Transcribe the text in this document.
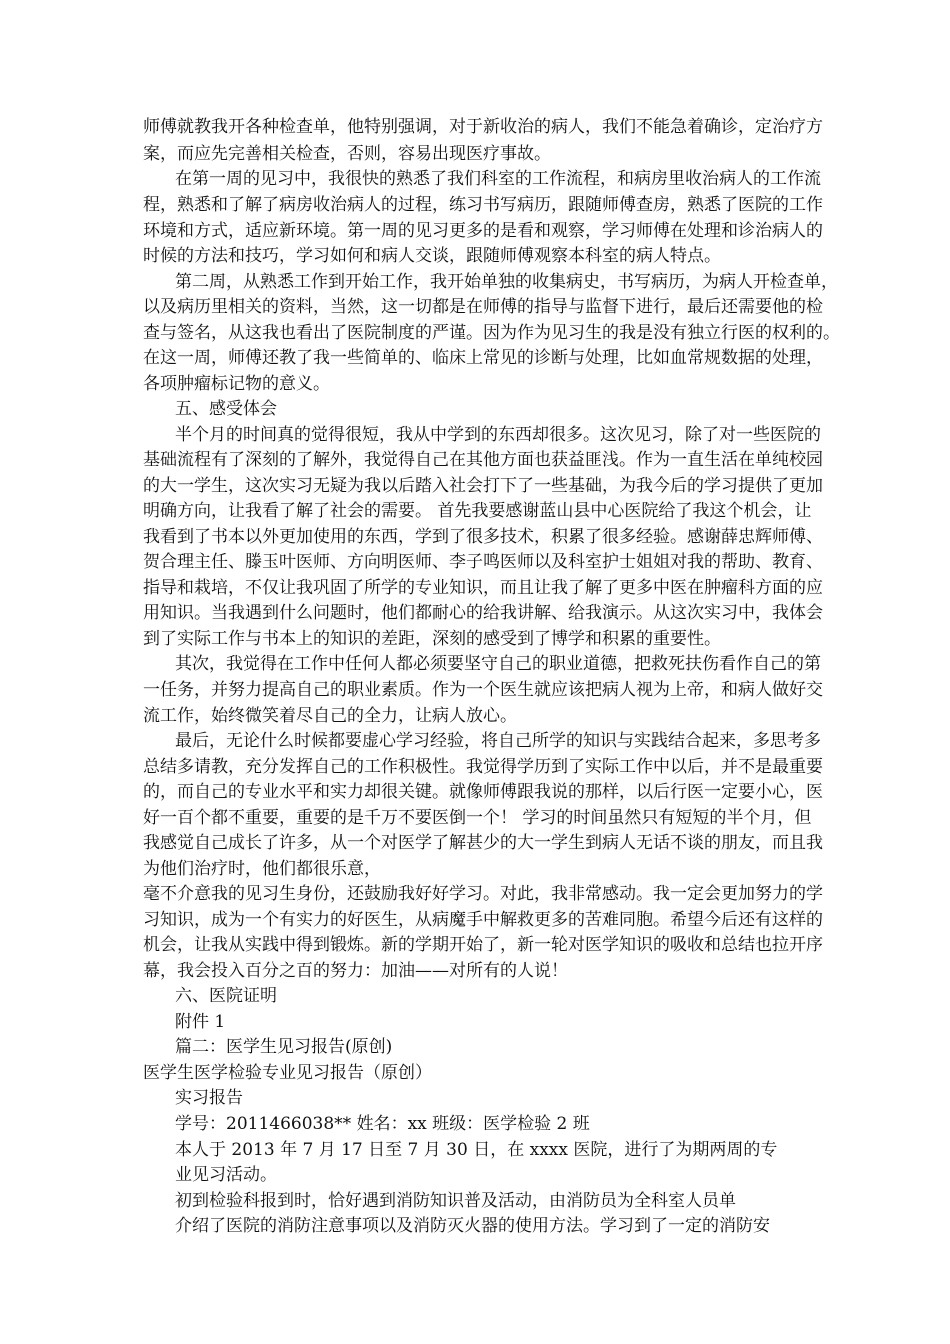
师傅就教我开各种检查单，他特别强调，对于新收治的病人，我们不能急着确诊，定治疗方
案，而应先完善相关检查，否则，容易出现医疗事故。
在第一周的见习中，我很快的熟悉了我们科室的工作流程，和病房里收治病人的工作流
程，熟悉和了解了病房收治病人的过程，练习书写病历，跟随师傅查房，熟悉了医院的工作
环境和方式，适应新环境。第一周的见习更多的是看和观察，学习师傅在处理和诊治病人的
时候的方法和技巧，学习如何和病人交谈，跟随师傅观察本科室的病人特点。
第二周，从熟悉工作到开始工作，我开始单独的收集病史，书写病历，为病人开检查单，
以及病历里相关的资料，当然，这一切都是在师傅的指导与监督下进行，最后还需要他的检
查与签名，从这我也看出了医院制度的严谨。因为作为见习生的我是没有独立行医的权利的。
在这一周，师傅还教了我一些简单的、临床上常见的诊断与处理，比如血常规数据的处理，
各项肿瘤标记物的意义。
五、感受体会
半个月的时间真的觉得很短，我从中学到的东西却很多。这次见习，除了对一些医院的
基础流程有了深刻的了解外，我觉得自己在其他方面也获益匪浅。作为一直生活在单纯校园
的大一学生，这次实习无疑为我以后踏入社会打下了一些基础，为我今后的学习提供了更加
明确方向，让我看了解了社会的需要。 首先我要感谢蓝山县中心医院给了我这个机会，让
我看到了书本以外更加使用的东西，学到了很多技术，积累了很多经验。感谢薛忠辉师傅、
贺合理主任、滕玉叶医师、方向明医师、李子鸣医师以及科室护士姐姐对我的帮助、教育、
指导和栽培，不仅让我巩固了所学的专业知识，而且让我了解了更多中医在肿瘤科方面的应
用知识。当我遇到什么问题时，他们都耐心的给我讲解、给我演示。从这次实习中，我体会
到了实际工作与书本上的知识的差距，深刻的感受到了博学和积累的重要性。
其次，我觉得在工作中任何人都必须要坚守自己的职业道德，把救死扶伤看作自己的第
一任务，并努力提高自己的职业素质。作为一个医生就应该把病人视为上帝，和病人做好交
流工作，始终微笑着尽自己的全力，让病人放心。
最后，无论什么时候都要虚心学习经验，将自己所学的知识与实践结合起来，多思考多
总结多请教，充分发挥自己的工作积极性。我觉得学历到了实际工作中以后，并不是最重要
的，而自己的专业水平和实力却很关键。就像师傅跟我说的那样，以后行医一定要小心，医
好一百个都不重要，重要的是千万不要医倒一个！ 学习的时间虽然只有短短的半个月，但
我感觉自己成长了许多，从一个对医学了解甚少的大一学生到病人无话不谈的朋友，而且我
为他们治疗时，他们都很乐意，
毫不介意我的见习生身份，还鼓励我好好学习。对此，我非常感动。我一定会更加努力的学
习知识，成为一个有实力的好医生，从病魔手中解救更多的苦难同胞。希望今后还有这样的
机会，让我从实践中得到锻炼。新的学期开始了，新一轮对医学知识的吸收和总结也拉开序
幕，我会投入百分之百的努力：加油——对所有的人说！
六、医院证明
附件 1
篇二：医学生见习报告(原创)
医学生医学检验专业见习报告（原创）
实习报告
学号：2011466038** 姓名：xx 班级：医学检验 2 班
本人于 2013 年 7 月 17 日至 7 月 30 日，在 xxxx 医院，进行了为期两周的专
业见习活动。
初到检验科报到时，恰好遇到消防知识普及活动，由消防员为全科室人员单
介绍了医院的消防注意事项以及消防灭火器的使用方法。学习到了一定的消防安
